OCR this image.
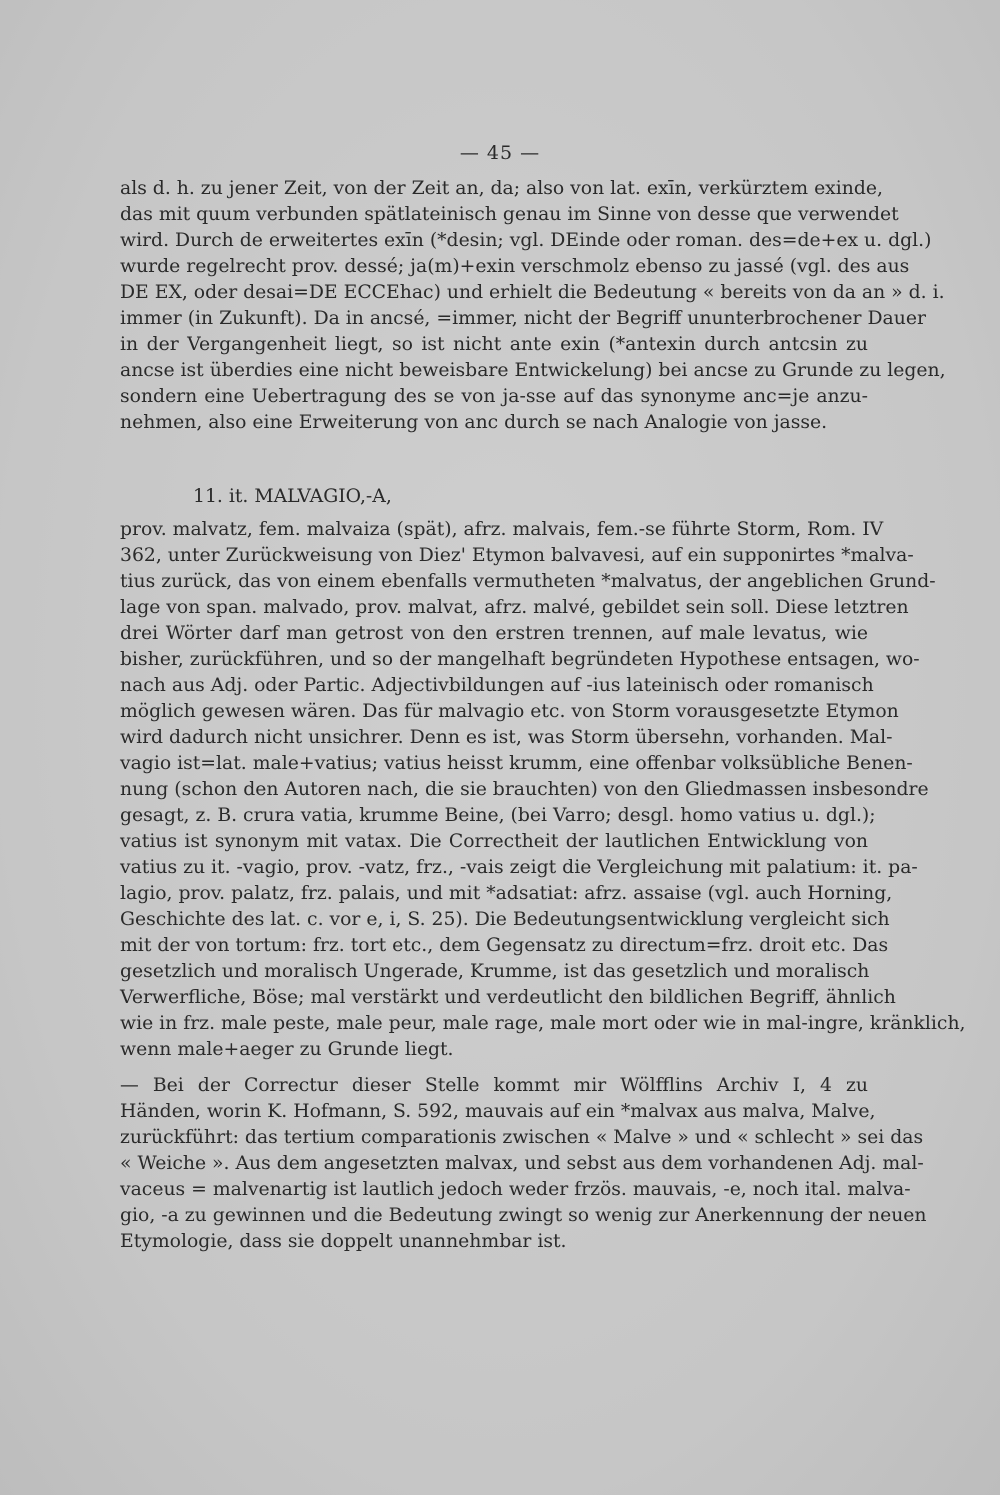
— 45 —

als d. h. zu jener Zeit, von der Zeit an, da; also von lat. exīn, verkürztem exinde,
das mit quum verbunden spätlateinisch genau im Sinne von desse que verwendet
wird. Durch de erweitertes exīn (*desin; vgl. DEinde oder roman. des=de+ex u. dgl.)
wurde regelrecht prov. dessé; ja(m)+exin verschmolz ebenso zu jassé (vgl. des aus
DE EX, oder desai=DE ECCEhac) und erhielt die Bedeutung « bereits von da an » d. i.
immer (in Zukunft). Da in ancsé, =immer, nicht der Begriff ununterbrochener Dauer
in der Vergangenheit liegt, so ist nicht ante exin (*antexin durch antcsin zu
ancse ist überdies eine nicht beweisbare Entwickelung) bei ancse zu Grunde zu legen,
sondern eine Uebertragung des se von ja-sse auf das synonyme anc=je anzu-
nehmen, also eine Erweiterung von anc durch se nach Analogie von jasse.

11. it. MALVAGIO,-A,

prov. malvatz, fem. malvaiza (spät), afrz. malvais, fem.-se führte Storm, Rom. IV
362, unter Zurückweisung von Diez' Etymon balvavesi, auf ein supponirtes *malva-
tius zurück, das von einem ebenfalls vermutheten *malvatus, der angeblichen Grund-
lage von span. malvado, prov. malvat, afrz. malvé, gebildet sein soll. Diese letztren
drei Wörter darf man getrost von den erstren trennen, auf male levatus, wie
bisher, zurückführen, und so der mangelhaft begründeten Hypothese entsagen, wo-
nach aus Adj. oder Partic. Adjectivbildungen auf -ius lateinisch oder romanisch
möglich gewesen wären. Das für malvagio etc. von Storm vorausgesetzte Etymon
wird dadurch nicht unsichrer. Denn es ist, was Storm übersehn, vorhanden. Mal-
vagio ist=lat. male+vatius; vatius heisst krumm, eine offenbar volksübliche Benen-
nung (schon den Autoren nach, die sie brauchten) von den Gliedmassen insbesondre
gesagt, z. B. crura vatia, krumme Beine, (bei Varro; desgl. homo vatius u. dgl.);
vatius ist synonym mit vatax. Die Correctheit der lautlichen Entwicklung von
vatius zu it. -vagio, prov. -vatz, frz., -vais zeigt die Vergleichung mit palatium: it. pa-
lagio, prov. palatz, frz. palais, und mit *adsatiat: afrz. assaise (vgl. auch Horning,
Geschichte des lat. c. vor e, i, S. 25). Die Bedeutungsentwicklung vergleicht sich
mit der von tortum: frz. tort etc., dem Gegensatz zu directum=frz. droit etc. Das
gesetzlich und moralisch Ungerade, Krumme, ist das gesetzlich und moralisch
Verwerfliche, Böse; mal verstärkt und verdeutlicht den bildlichen Begriff, ähnlich
wie in frz. male peste, male peur, male rage, male mort oder wie in mal-ingre, kränklich,
wenn male+aeger zu Grunde liegt.

— Bei der Correctur dieser Stelle kommt mir Wölfflins Archiv I, 4 zu
Händen, worin K. Hofmann, S. 592, mauvais auf ein *malvax aus malva, Malve,
zurückführt: das tertium comparationis zwischen « Malve » und « schlecht » sei das
« Weiche ». Aus dem angesetzten malvax, und sebst aus dem vorhandenen Adj. mal-
vaceus = malvenartig ist lautlich jedoch weder frzös. mauvais, -e, noch ital. malva-
gio, -a zu gewinnen und die Bedeutung zwingt so wenig zur Anerkennung der neuen
Etymologie, dass sie doppelt unannehmbar ist.
